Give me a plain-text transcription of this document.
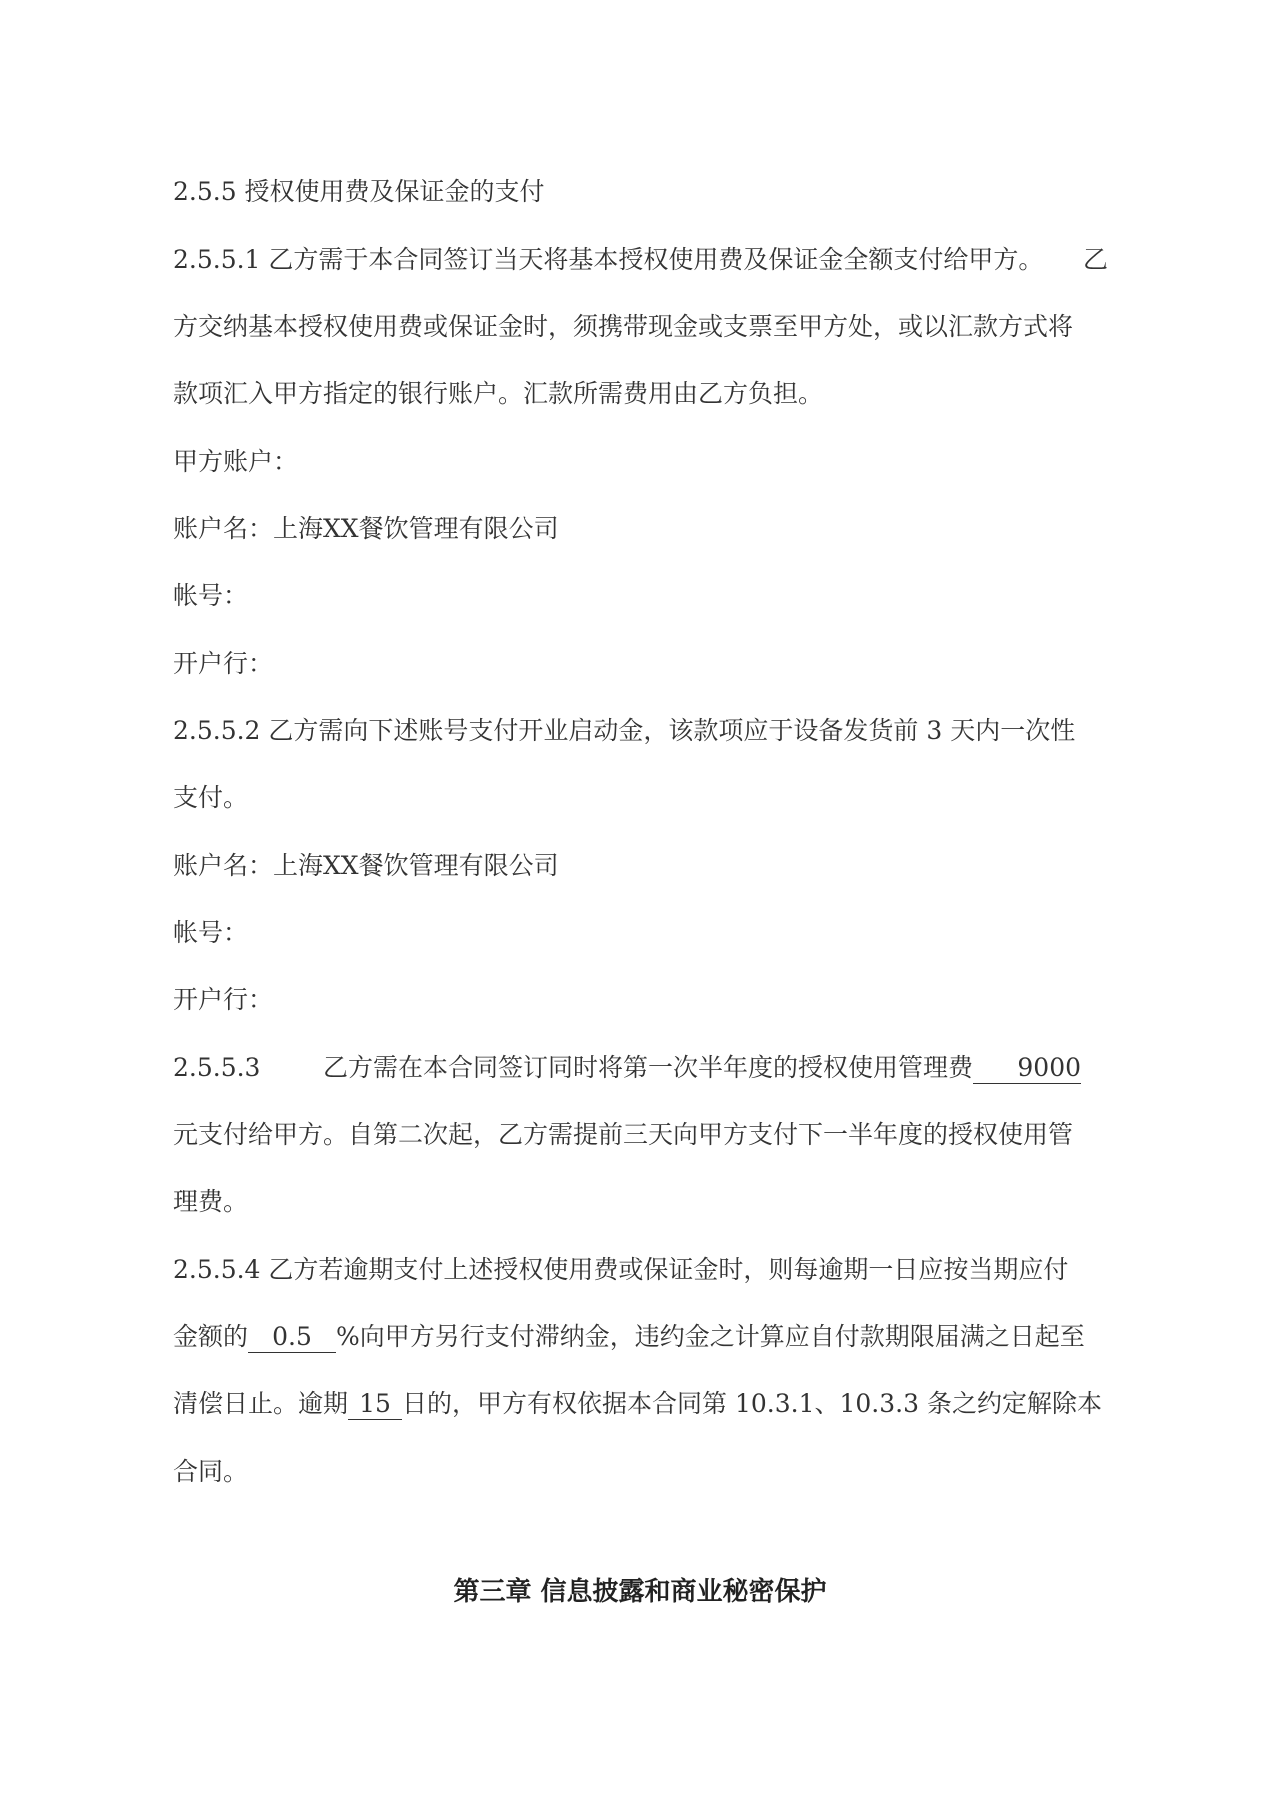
2.5.5 授权使用费及保证金的支付
2.5.5.1 乙方需于本合同签订当天将基本授权使用费及保证金全额支付给甲方。 乙
方交纳基本授权使用费或保证金时，须携带现金或支票至甲方处，或以汇款方式将
款项汇入甲方指定的银行账户。汇款所需费用由乙方负担。
甲方账户：
账户名：上海XX餐饮管理有限公司
帐号：
开户行：
2.5.5.2 乙方需向下述账号支付开业启动金，该款项应于设备发货前 3 天内一次性
支付。
账户名：上海XX餐饮管理有限公司
帐号：
开户行：
2.5.5.3	乙方需在本合同签订同时将第一次半年度的授权使用管理费 9000
元支付给甲方。自第二次起，乙方需提前三天向甲方支付下一半年度的授权使用管
理费。
2.5.5.4 乙方若逾期支付上述授权使用费或保证金时，则每逾期一日应按当期应付
金额的 0.5 %向甲方另行支付滞纳金，违约金之计算应自付款期限届满之日起至
清偿日止。逾期 15 日的，甲方有权依据本合同第 10.3.1、10.3.3 条之约定解除本
合同。
第三章 信息披露和商业秘密保护
